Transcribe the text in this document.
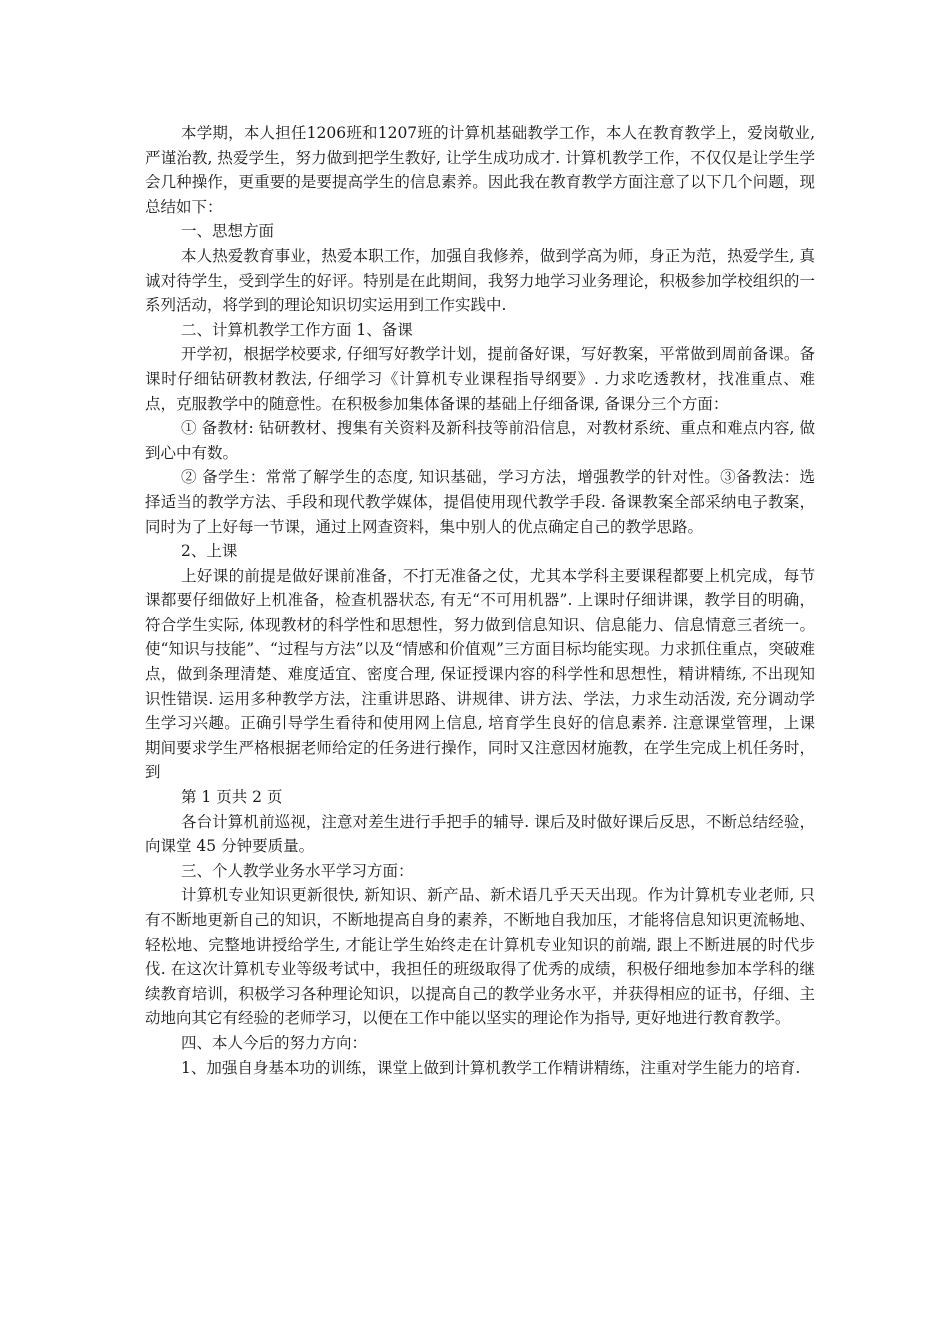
本学期，本人担任1206班和1207班的计算机基础教学工作，本人在教育教学上，爱岗敬业, 严谨治教, 热爱学生，努力做到把学生教好, 让学生成功成才. 计算机教学工作，不仅仅是让学生学会几种操作，更重要的是要提高学生的信息素养。因此我在教育教学方面注意了以下几个问题，现总结如下：

一、思想方面

本人热爱教育事业，热爱本职工作，加强自我修养，做到学高为师，身正为范，热爱学生, 真诚对待学生，受到学生的好评。特别是在此期间，我努力地学习业务理论，积极参加学校组织的一系列活动，将学到的理论知识切实运用到工作实践中.

二、计算机教学工作方面 1、备课

开学初，根据学校要求, 仔细写好教学计划，提前备好课，写好教案，平常做到周前备课。备课时仔细钻研教材教法, 仔细学习《计算机专业课程指导纲要》. 力求吃透教材，找准重点、难点，克服教学中的随意性。在积极参加集体备课的基础上仔细备课, 备课分三个方面：

① 备教材: 钻研教材、搜集有关资料及新科技等前沿信息，对教材系统、重点和难点内容, 做到心中有数。

② 备学生：常常了解学生的态度, 知识基础，学习方法，增强教学的针对性。③备教法：选择适当的教学方法、手段和现代教学媒体，提倡使用现代教学手段. 备课教案全部采纳电子教案，同时为了上好每一节课，通过上网查资料，集中别人的优点确定自己的教学思路。

2、上课

上好课的前提是做好课前准备，不打无准备之仗，尤其本学科主要课程都要上机完成，每节课都要仔细做好上机准备，检查机器状态, 有无“不可用机器”. 上课时仔细讲课，教学目的明确，符合学生实际, 体现教材的科学性和思想性，努力做到信息知识、信息能力、信息情意三者统一。使“知识与技能”、“过程与方法”以及“情感和价值观”三方面目标均能实现。力求抓住重点，突破难点，做到条理清楚、难度适宜、密度合理, 保证授课内容的科学性和思想性，精讲精练, 不出现知识性错误. 运用多种教学方法，注重讲思路、讲规律、讲方法、学法，力求生动活泼, 充分调动学生学习兴趣。正确引导学生看待和使用网上信息, 培育学生良好的信息素养. 注意课堂管理，上课期间要求学生严格根据老师给定的任务进行操作，同时又注意因材施教，在学生完成上机任务时，到

第 1 页共 2 页

各台计算机前巡视，注意对差生进行手把手的辅导. 课后及时做好课后反思，不断总结经验，向课堂 45 分钟要质量。

三、个人教学业务水平学习方面：

计算机专业知识更新很快, 新知识、新产品、新术语几乎天天出现。作为计算机专业老师, 只有不断地更新自己的知识，不断地提高自身的素养，不断地自我加压，才能将信息知识更流畅地、轻松地、完整地讲授给学生, 才能让学生始终走在计算机专业知识的前端, 跟上不断进展的时代步伐. 在这次计算机专业等级考试中，我担任的班级取得了优秀的成绩，积极仔细地参加本学科的继续教育培训，积极学习各种理论知识，以提高自己的教学业务水平，并获得相应的证书，仔细、主动地向其它有经验的老师学习，以便在工作中能以坚实的理论作为指导, 更好地进行教育教学。

四、本人今后的努力方向：

1、加强自身基本功的训练，课堂上做到计算机教学工作精讲精练，注重对学生能力的培育.
